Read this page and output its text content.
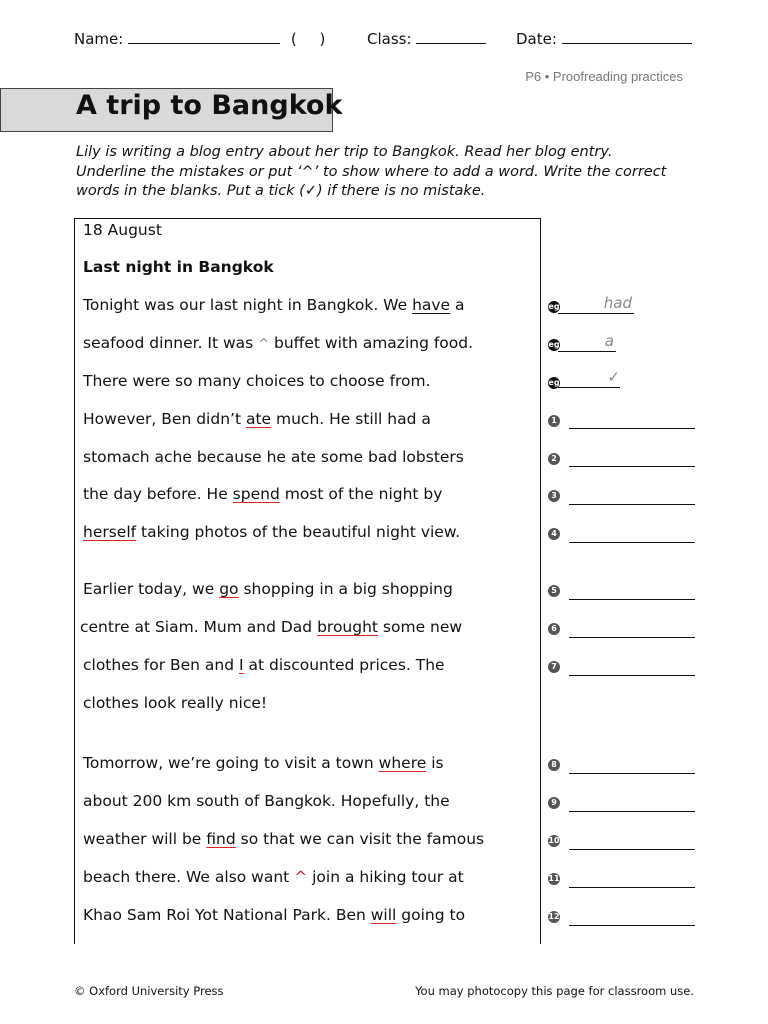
Name:	( )	Class:	Date:
P6 • Proofreading practices
A trip to Bangkok
Lily is writing a blog entry about her trip to Bangkok. Read her blog entry. Underline the mistakes or put ‘^’ to show where to add a word. Write the correct words in the blanks. Put a tick (✓) if there is no mistake.
18 August
Last night in Bangkok
Tonight was our last night in Bangkok. We have a
seafood dinner. It was ^ buffet with amazing food.
There were so many choices to choose from.
However, Ben didn’t ate much. He still had a
stomach ache because he ate some bad lobsters
the day before. He spend most of the night by
herself taking photos of the beautiful night view.
Earlier today, we go shopping in a big shopping
centre at Siam. Mum and Dad brought some new
clothes for Ben and I at discounted prices. The
clothes look really nice!
Tomorrow, we’re going to visit a town where is
about 200 km south of Bangkok. Hopefully, the
weather will be find so that we can visit the famous
beach there. We also want ^ join a hiking tour at
Khao Sam Roi Yot National Park. Ben will going to
eg	had
eg	a
eg	✓
1
2
3
4
5
6
7
8
9
10
11
12
© Oxford University Press	You may photocopy this page for classroom use.
